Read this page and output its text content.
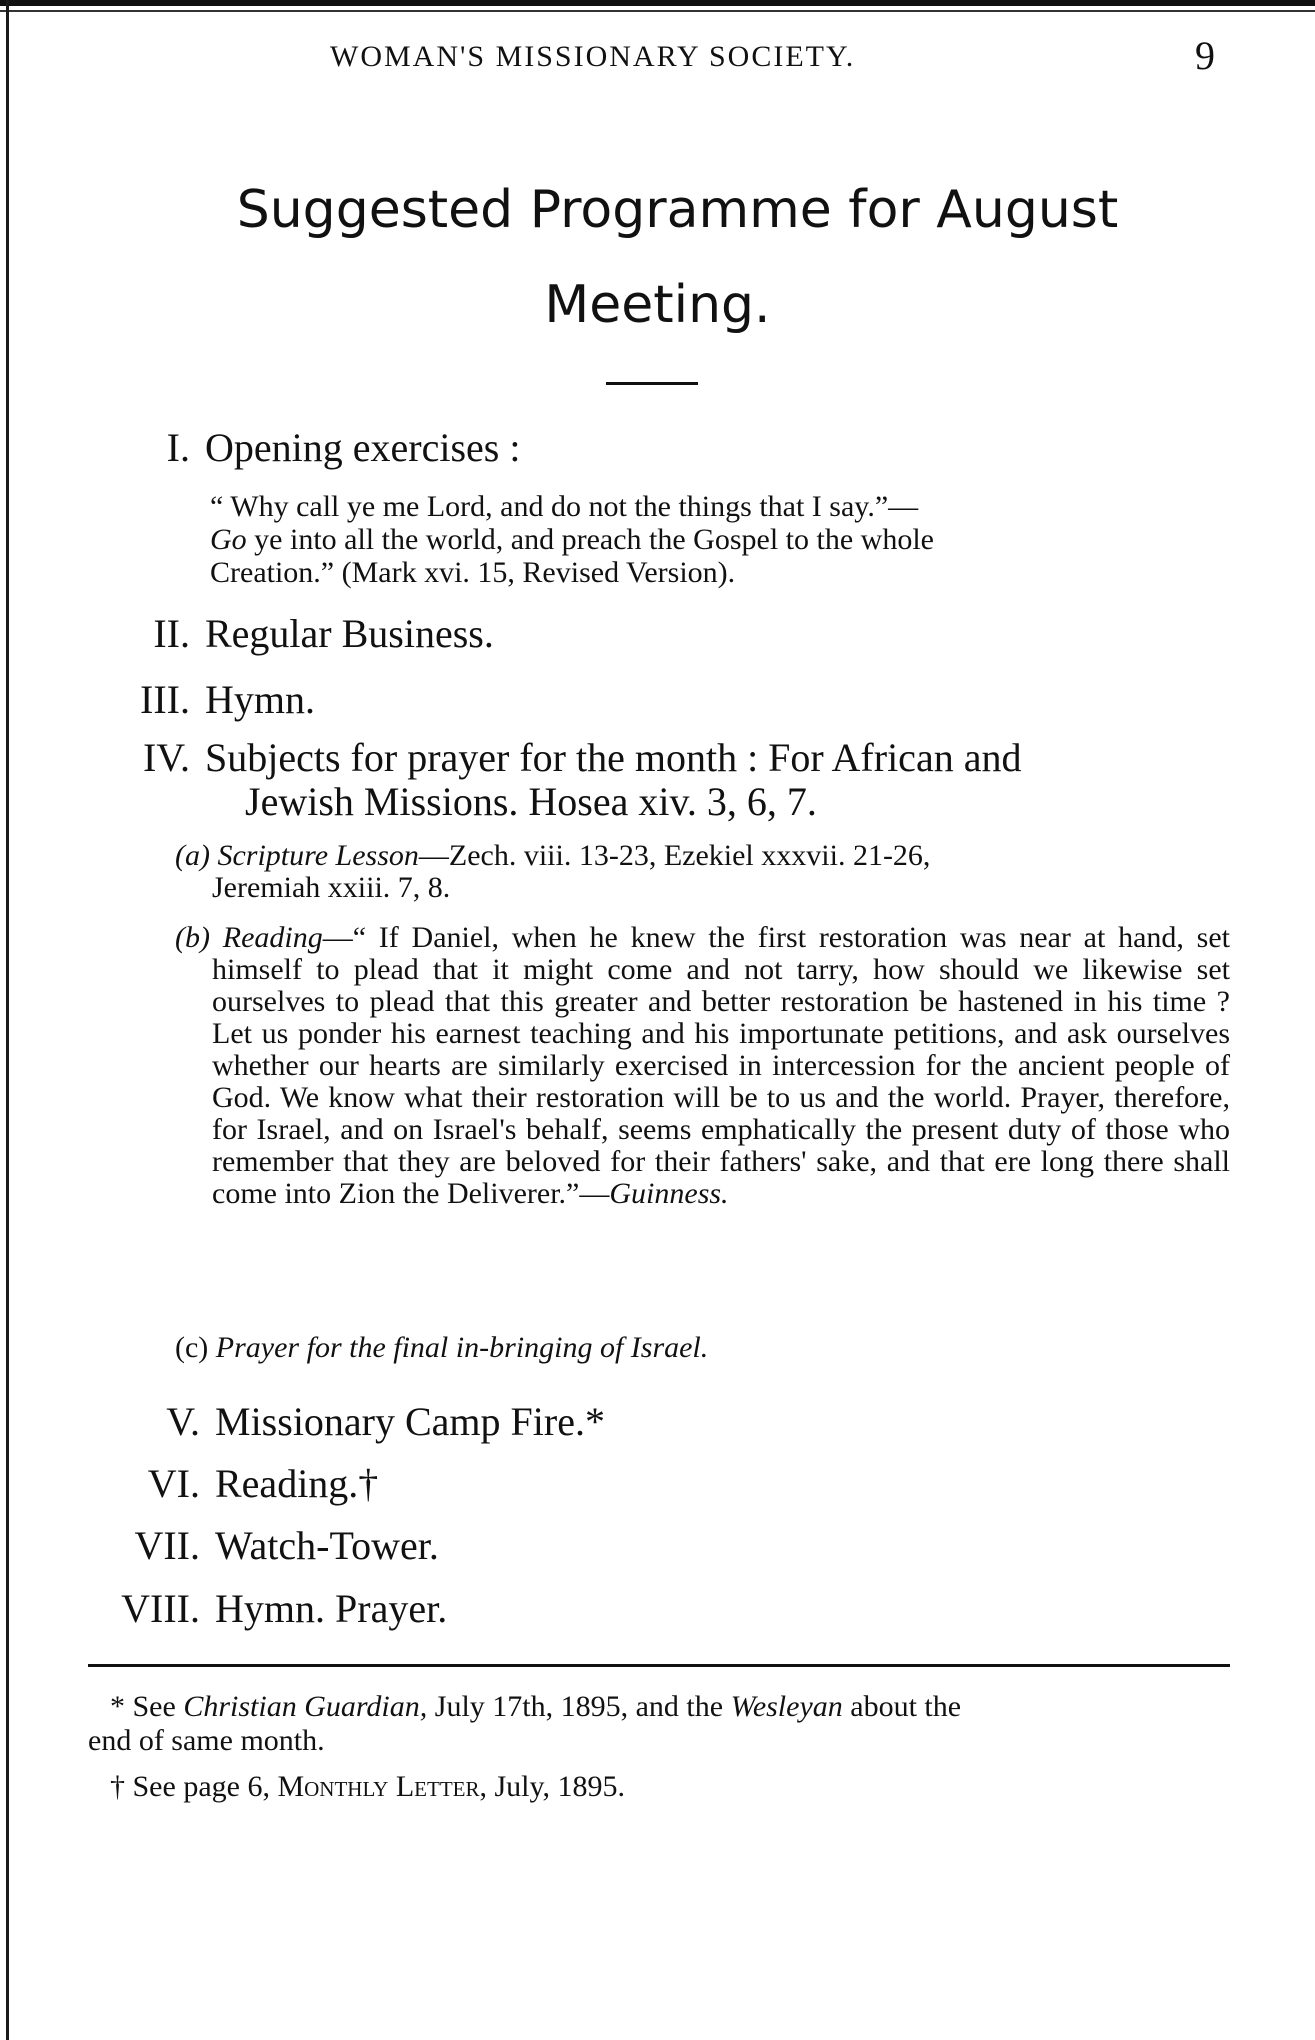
WOMAN'S MISSIONARY SOCIETY.	9
Suggested Programme for August
Meeting.
I. Opening exercises :
“ Why call ye me Lord, and do not the things that I say.”—
Go ye into all the world, and preach the Gospel to the whole
Creation.” (Mark xvi. 15, Revised Version).
II. Regular Business.
III. Hymn.
IV. Subjects for prayer for the month : For African and
Jewish Missions. Hosea xiv. 3, 6, 7.
(a) Scripture Lesson—Zech. viii. 13-23, Ezekiel xxxvii. 21-26,
Jeremiah xxiii. 7, 8.
(b) Reading—“ If Daniel, when he knew the first restoration was near at hand, set himself to plead that it might come and not tarry, how should we likewise set ourselves to plead that this greater and better restoration be hastened in his time ? Let us ponder his earnest teaching and his importunate petitions, and ask ourselves whether our hearts are similarly exercised in intercession for the ancient people of God. We know what their restoration will be to us and the world. Prayer, therefore, for Israel, and on Israel's behalf, seems emphatically the present duty of those who remember that they are beloved for their fathers' sake, and that ere long there shall come into Zion the Deliverer.”—Guinness.
(c) Prayer for the final in-bringing of Israel.
V. Missionary Camp Fire.*
VI. Reading.†
VII. Watch-Tower.
VIII. Hymn. Prayer.
* See Christian Guardian, July 17th, 1895, and the Wesleyan about the
end of same month.
† See page 6, Monthly Letter, July, 1895.
